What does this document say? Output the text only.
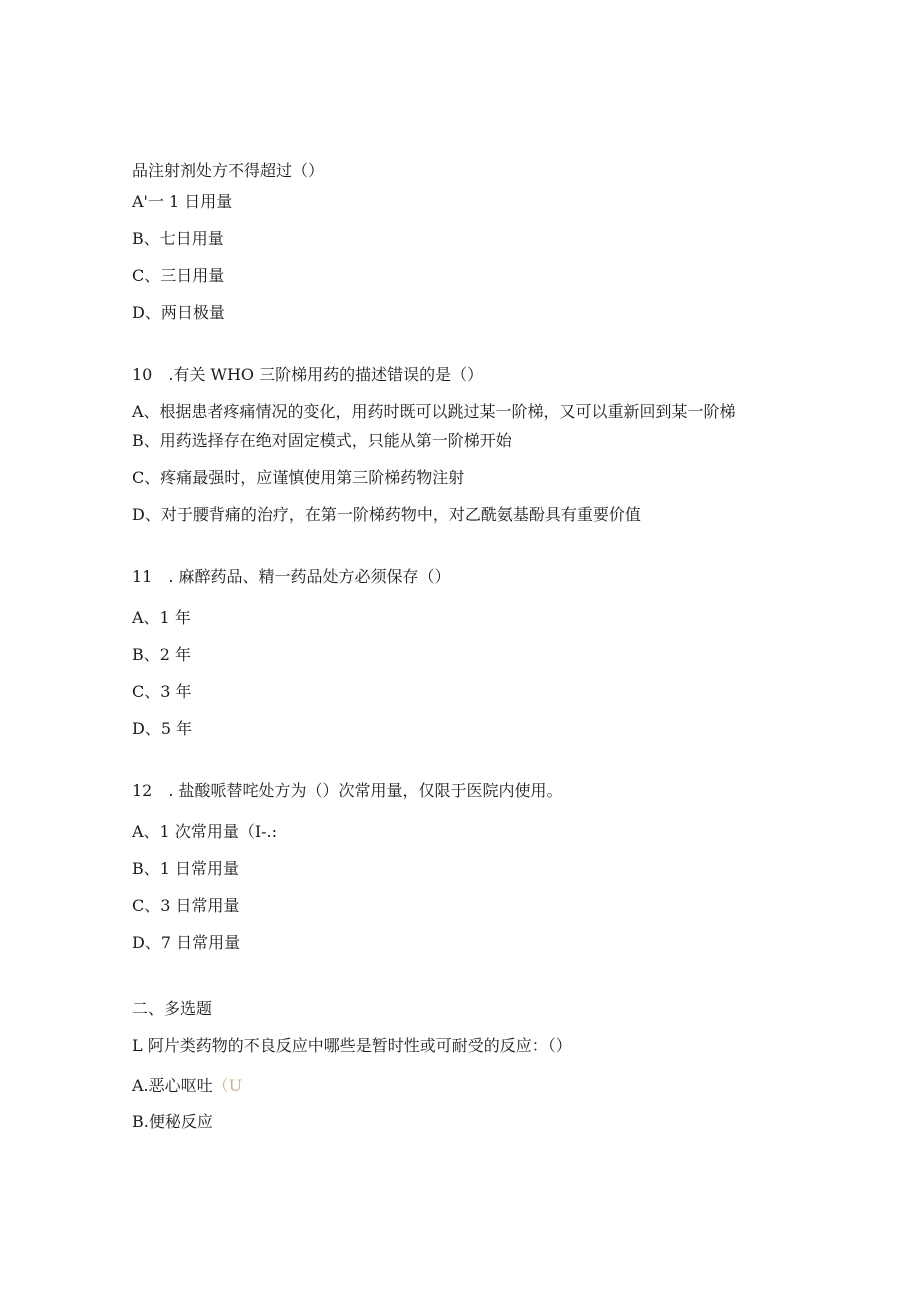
品注射剂处方不得超过（）
A'一 1 日用量
B、七日用量
C、三日用量
D、两日极量
10　.有关 WHO 三阶梯用药的描述错误的是（）
A、根据患者疼痛情况的变化，用药时既可以跳过某一阶梯，又可以重新回到某一阶梯
B、用药选择存在绝对固定模式，只能从第一阶梯开始
C、疼痛最强时，应谨慎使用第三阶梯药物注射
D、对于腰背痛的治疗，在第一阶梯药物中，对乙酰氨基酚具有重要价值
11　. 麻醉药品、精一药品处方必须保存（）
A、1 年
B、2 年
C、3 年
D、5 年
12　. 盐酸哌替咤处方为（）次常用量，仅限于医院内使用。
A、1 次常用量（I-.:
B、1 日常用量
C、3 日常用量
D、7 日常用量
二、多选题
L 阿片类药物的不良反应中哪些是暂时性或可耐受的反应：（）
A.恶心呕吐（U
B.便秘反应
